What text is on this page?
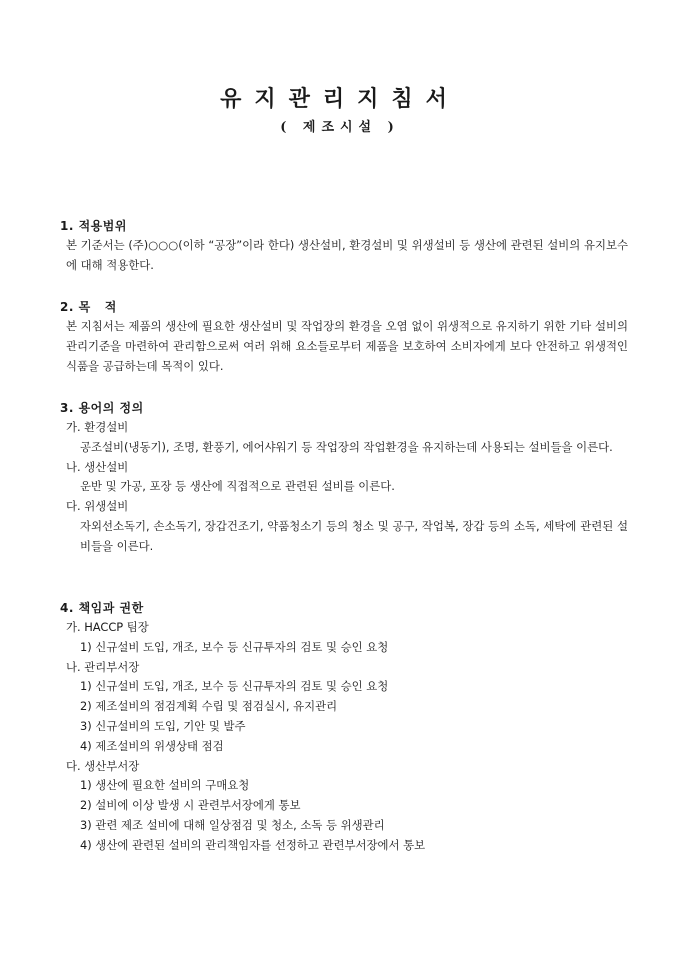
유지관리지침서
( 제조시설 )
1. 적용범위
본 기준서는 (주)○○○(이하 “공장”이라 한다) 생산설비, 환경설비 및 위생설비 등 생산에 관련된 설비의 유지보수에 대해 적용한다.
2. 목   적
본 지침서는 제품의 생산에 필요한 생산설비 및 작업장의 환경을 오염 없이 위생적으로 유지하기 위한 기타 설비의 관리기준을 마련하여 관리함으로써 여러 위해 요소들로부터 제품을 보호하여 소비자에게 보다 안전하고 위생적인 식품을 공급하는데 목적이 있다.
3. 용어의 정의
가. 환경설비
공조설비(냉동기), 조명, 환풍기, 에어샤워기 등 작업장의 작업환경을 유지하는데 사용되는 설비들을 이른다.
나. 생산설비
운반 및 가공, 포장 등 생산에 직접적으로 관련된 설비를 이른다.
다. 위생설비
자외선소독기, 손소독기, 장갑건조기, 약품청소기 등의 청소 및 공구, 작업복, 장갑 등의 소독, 세탁에 관련된 설비들을 이른다.
4. 책임과 권한
가. HACCP 팀장
1) 신규설비 도입, 개조, 보수 등 신규투자의 검토 및 승인 요청
나. 관리부서장
1) 신규설비 도입, 개조, 보수 등 신규투자의 검토 및 승인 요청
2) 제조설비의 점검계획 수립 및 점검실시, 유지관리
3) 신규설비의 도입, 기안 및 발주
4) 제조설비의 위생상태 점검
다. 생산부서장
1) 생산에 필요한 설비의 구매요청
2) 설비에 이상 발생 시 관련부서장에게 통보
3) 관련 제조 설비에 대해 일상점검 및 청소, 소독 등 위생관리
4) 생산에 관련된 설비의 관리책임자를 선정하고 관련부서장에서 통보
